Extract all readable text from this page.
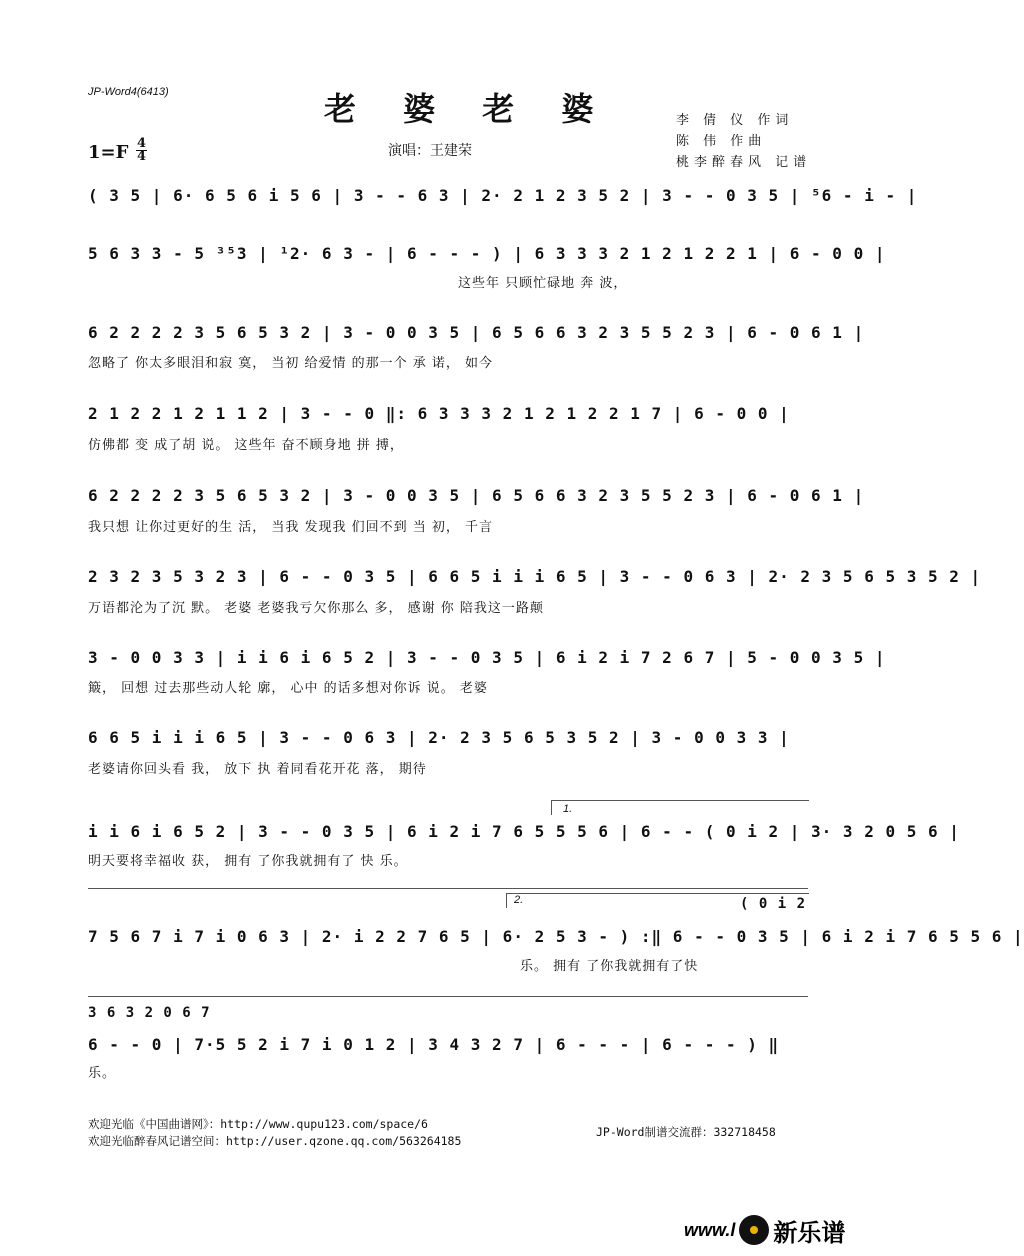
JP-Word4(6413)	老 婆 老 婆
1=F 4
4	演唱：王建荣
李 倩 仪 作词
陈 伟 作曲
桃李醉春风 记谱
( 3 5 | 6· 6 5 6 i 5 6 | 3 - - 6 3 | 2· 2 1 2 3 5 2 | 3 - - 0 3 5 | ⁵6 - i - |
5 6 3 3 - 5 ³⁵3 | ¹2· 6 3 - | 6 - - - ) | 6 3 3 3 2 1 2 1 2 2 1 | 6 - 0 0 |
这些年 只顾忙碌地 奔 波，
6 2 2 2 2 3 5 6 5 3 2 | 3 - 0 0 3 5 | 6 5 6 6 3 2 3 5 5 2 3 | 6 - 0 6 1 |
忽略了 你太多眼泪和寂 寞， 当初 给爱情 的那一个 承 诺， 如今
2 1 2 2 1 2 1 1 2 | 3 - - 0 ‖: 6 3 3 3 2 1 2 1 2 2 1 7 | 6 - 0 0 |
仿佛都 变 成了胡 说。 这些年 奋不顾身地 拼 搏，
6 2 2 2 2 3 5 6 5 3 2 | 3 - 0 0 3 5 | 6 5 6 6 3 2 3 5 5 2 3 | 6 - 0 6 1 |
我只想 让你过更好的生 活， 当我 发现我 们回不到 当 初， 千言
2 3 2 3 5 3 2 3 | 6 - - 0 3 5 | 6 6 5 i i i 6 5 | 3 - - 0 6 3 | 2· 2 3 5 6 5 3 5 2 |
万语都沦为了沉 默。 老婆 老婆我亏欠你那么 多， 感谢 你 陪我这一路颠
3 - 0 0 3 3 | i i 6 i 6 5 2 | 3 - - 0 3 5 | 6 i 2 i 7 2 6 7 | 5 - 0 0 3 5 |
簸， 回想 过去那些动人轮 廓， 心中 的话多想对你诉 说。 老婆
6 6 5 i i i 6 5 | 3 - - 0 6 3 | 2· 2 3 5 6 5 3 5 2 | 3 - 0 0 3 3 |
老婆请你回头看 我， 放下 执 着同看花开花 落， 期待
1.
i i 6 i 6 5 2 | 3 - - 0 3 5 | 6 i 2 i 7 6 5 5 5 6 | 6 - - ( 0 i 2 | 3· 3 2 0 5 6 |
明天要将幸福收 获， 拥有 了你我就拥有了 快 乐。
2.	( 0 i 2
7 5 6 7 i 7 i 0 6 3 | 2· i 2 2 7 6 5 | 6· 2 5 3 - ) :‖ 6 - - 0 3 5 | 6 i 2 i 7 6 5 5 6 |
乐。 拥有 了你我就拥有了快
3 6 3 2 0 6 7
6 - - 0 | 7·5 5 2 i 7 i 0 1 2 | 3 4 3 2 7 | 6 - - - | 6 - - - ) ‖
乐。
欢迎光临《中国曲谱网》：http://www.qupu123.com/space/6
欢迎光临醉春风记谱空间：http://user.qzone.qq.com/563264185
JP-Word制谱交流群：332718458
www.l 新乐谱
